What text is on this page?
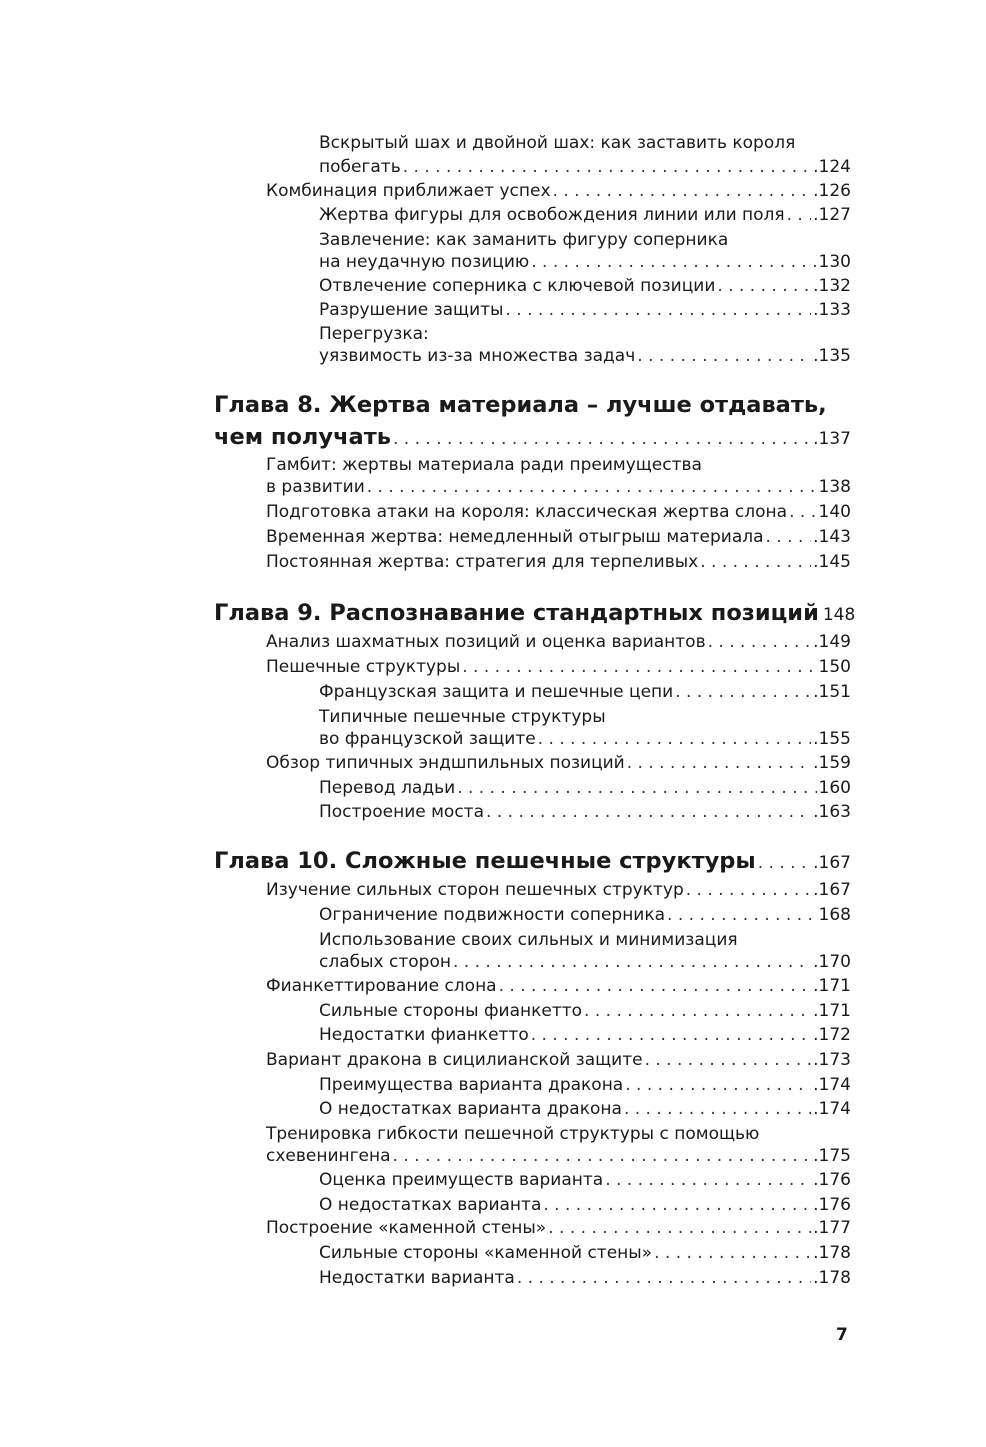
Вскрытый шах и двойной шах: как заставить короля
побегать . . .	.124
Комбинация приближает успех . . .	.126
Жертва фигуры для освобождения линии или поля . . . .127
Завлечение: как заманить фигуру соперника
на неудачную позицию . . .	130
Отвлечение соперника с ключевой позиции . . .	.132
Разрушение защиты . . .	.133
Перегрузка:
уязвимость из-за множества задач . . .	.135
Глава 8. Жертва материала – лучше отдавать,
чем получать . . .	.137
Гамбит: жертвы материала ради преимущества
в развитии . . .	138
Подготовка атаки на короля: классическая жертва слона . . . 140
Временная жертва: немедленный отыгрыш материала . . .	.143
Постоянная жертва: стратегия для терпеливых . . .	.145
Глава 9. Распознавание стандартных позиций 148
Анализ шахматных позиций и оценка вариантов . . .	.149
Пешечные структуры . . .	150
Французская защита и пешечные цепи . . .	.151
Типичные пешечные структуры
во французской защите . . .	.155
Обзор типичных эндшпильных позиций . . .	.159
Перевод ладьи . . .	160
Построение моста . . .	.163
Глава 10. Сложные пешечные структуры . . .	.167
Изучение сильных сторон пешечных структур . . .	.167
Ограничение подвижности соперника . . .	168
Использование своих сильных и минимизация
слабых сторон . . .	.170
Фианкеттирование слона . . .	.171
Сильные стороны фианкетто . . .	.171
Недостатки фианкетто . . .	.172
Вариант дракона в сицилианской защите . . .	.173
Преимущества варианта дракона . . .	.174
О недостатках варианта дракона . . .	.174
Тренировка гибкости пешечной структуры с помощью
схевенингена . . .	.175
Оценка преимуществ варианта . . .	.176
О недостатках варианта . . .	.176
Построение «каменной стены» . . .	.177
Сильные стороны «каменной стены» . . .	.178
Недостатки варианта . . .	.178
7
